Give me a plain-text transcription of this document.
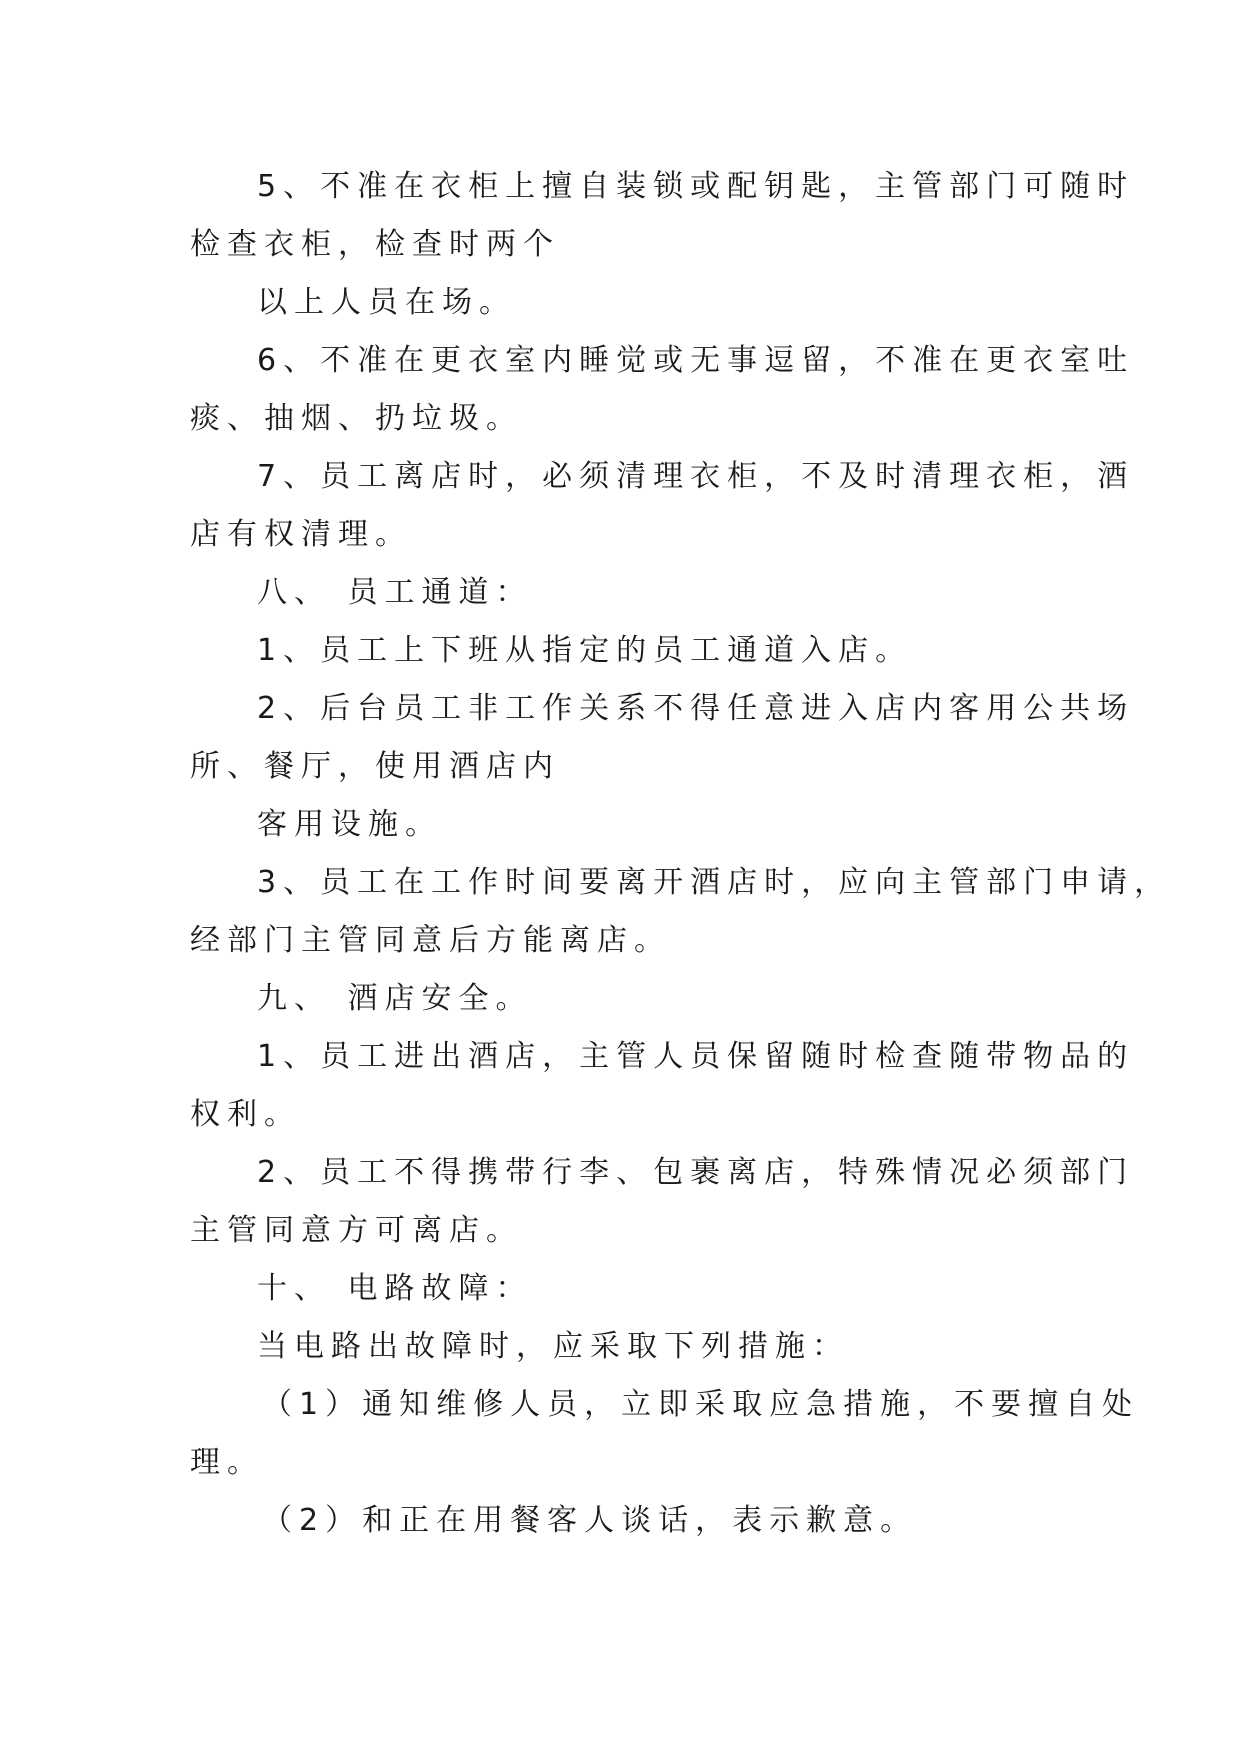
5、不准在衣柜上擅自装锁或配钥匙，主管部门可随时
检查衣柜，检查时两个
以上人员在场。
6、不准在更衣室内睡觉或无事逗留，不准在更衣室吐
痰、抽烟、扔垃圾。
7、员工离店时，必须清理衣柜，不及时清理衣柜，酒
店有权清理。
八、 员工通道：
1、员工上下班从指定的员工通道入店。
2、后台员工非工作关系不得任意进入店内客用公共场
所、餐厅，使用酒店内
客用设施。
3、员工在工作时间要离开酒店时，应向主管部门申请，
经部门主管同意后方能离店。
九、 酒店安全。
1、员工进出酒店，主管人员保留随时检查随带物品的
权利。
2、员工不得携带行李、包裹离店，特殊情况必须部门
主管同意方可离店。
十、 电路故障：
当电路出故障时，应采取下列措施：
（1）通知维修人员，立即采取应急措施，不要擅自处
理。
（2）和正在用餐客人谈话，表示歉意。
